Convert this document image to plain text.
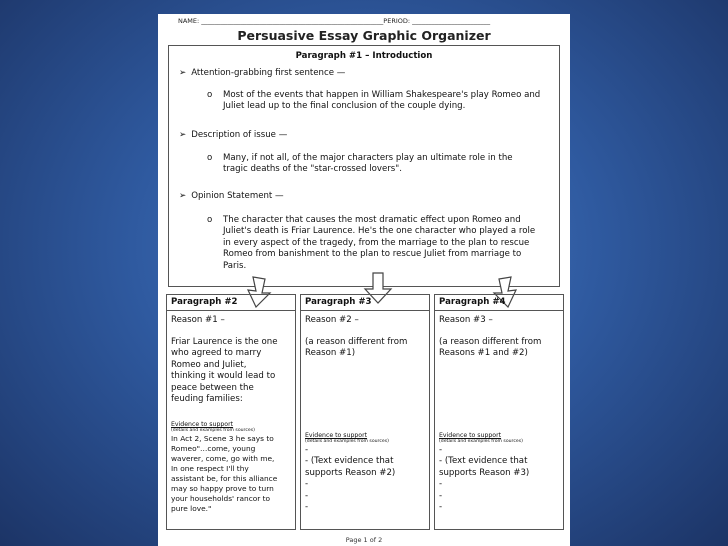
NAME: ________________________________________________________PERIOD: ________________________
Persuasive Essay Graphic Organizer
Paragraph #1 – Introduction
➢ Attention-grabbing first sentence —
o Most of the events that happen in William Shakespeare's play Romeo and
Juliet lead up to the final conclusion of the couple dying.
➢ Description of issue —
o Many, if not all, of the major characters play an ultimate role in the
tragic deaths of the "star-crossed lovers".
➢ Opinion Statement —
o The character that causes the most dramatic effect upon Romeo and
Juliet's death is Friar Laurence. He's the one character who played a role
in every aspect of the tragedy, from the marriage to the plan to rescue
Romeo from banishment to the plan to rescue Juliet from marriage to
Paris.
Paragraph #2
Reason #1 –
Friar Laurence is the one
who agreed to marry
Romeo and Juliet,
thinking it would lead to
peace between the
feuding families:
Evidence to support
(details and examples from sources)
In Act 2, Scene 3 he says to
Romeo"…come, young
waverer, come, go with me,
In one respect I'll thy
assistant be, for this alliance
may so happy prove to turn
your households' rancor to
pure love."
Paragraph #3
Reason #2 –
(a reason different from
Reason #1)
Evidence to support
(details and examples from sources)
-
- (Text evidence that
supports Reason #2)
-
-
-
Paragraph #4
Reason #3 –
(a reason different from
Reasons #1 and #2)
Evidence to support
(details and examples from sources)
-
- (Text evidence that
supports Reason #3)
-
-
-
Page 1 of 2
